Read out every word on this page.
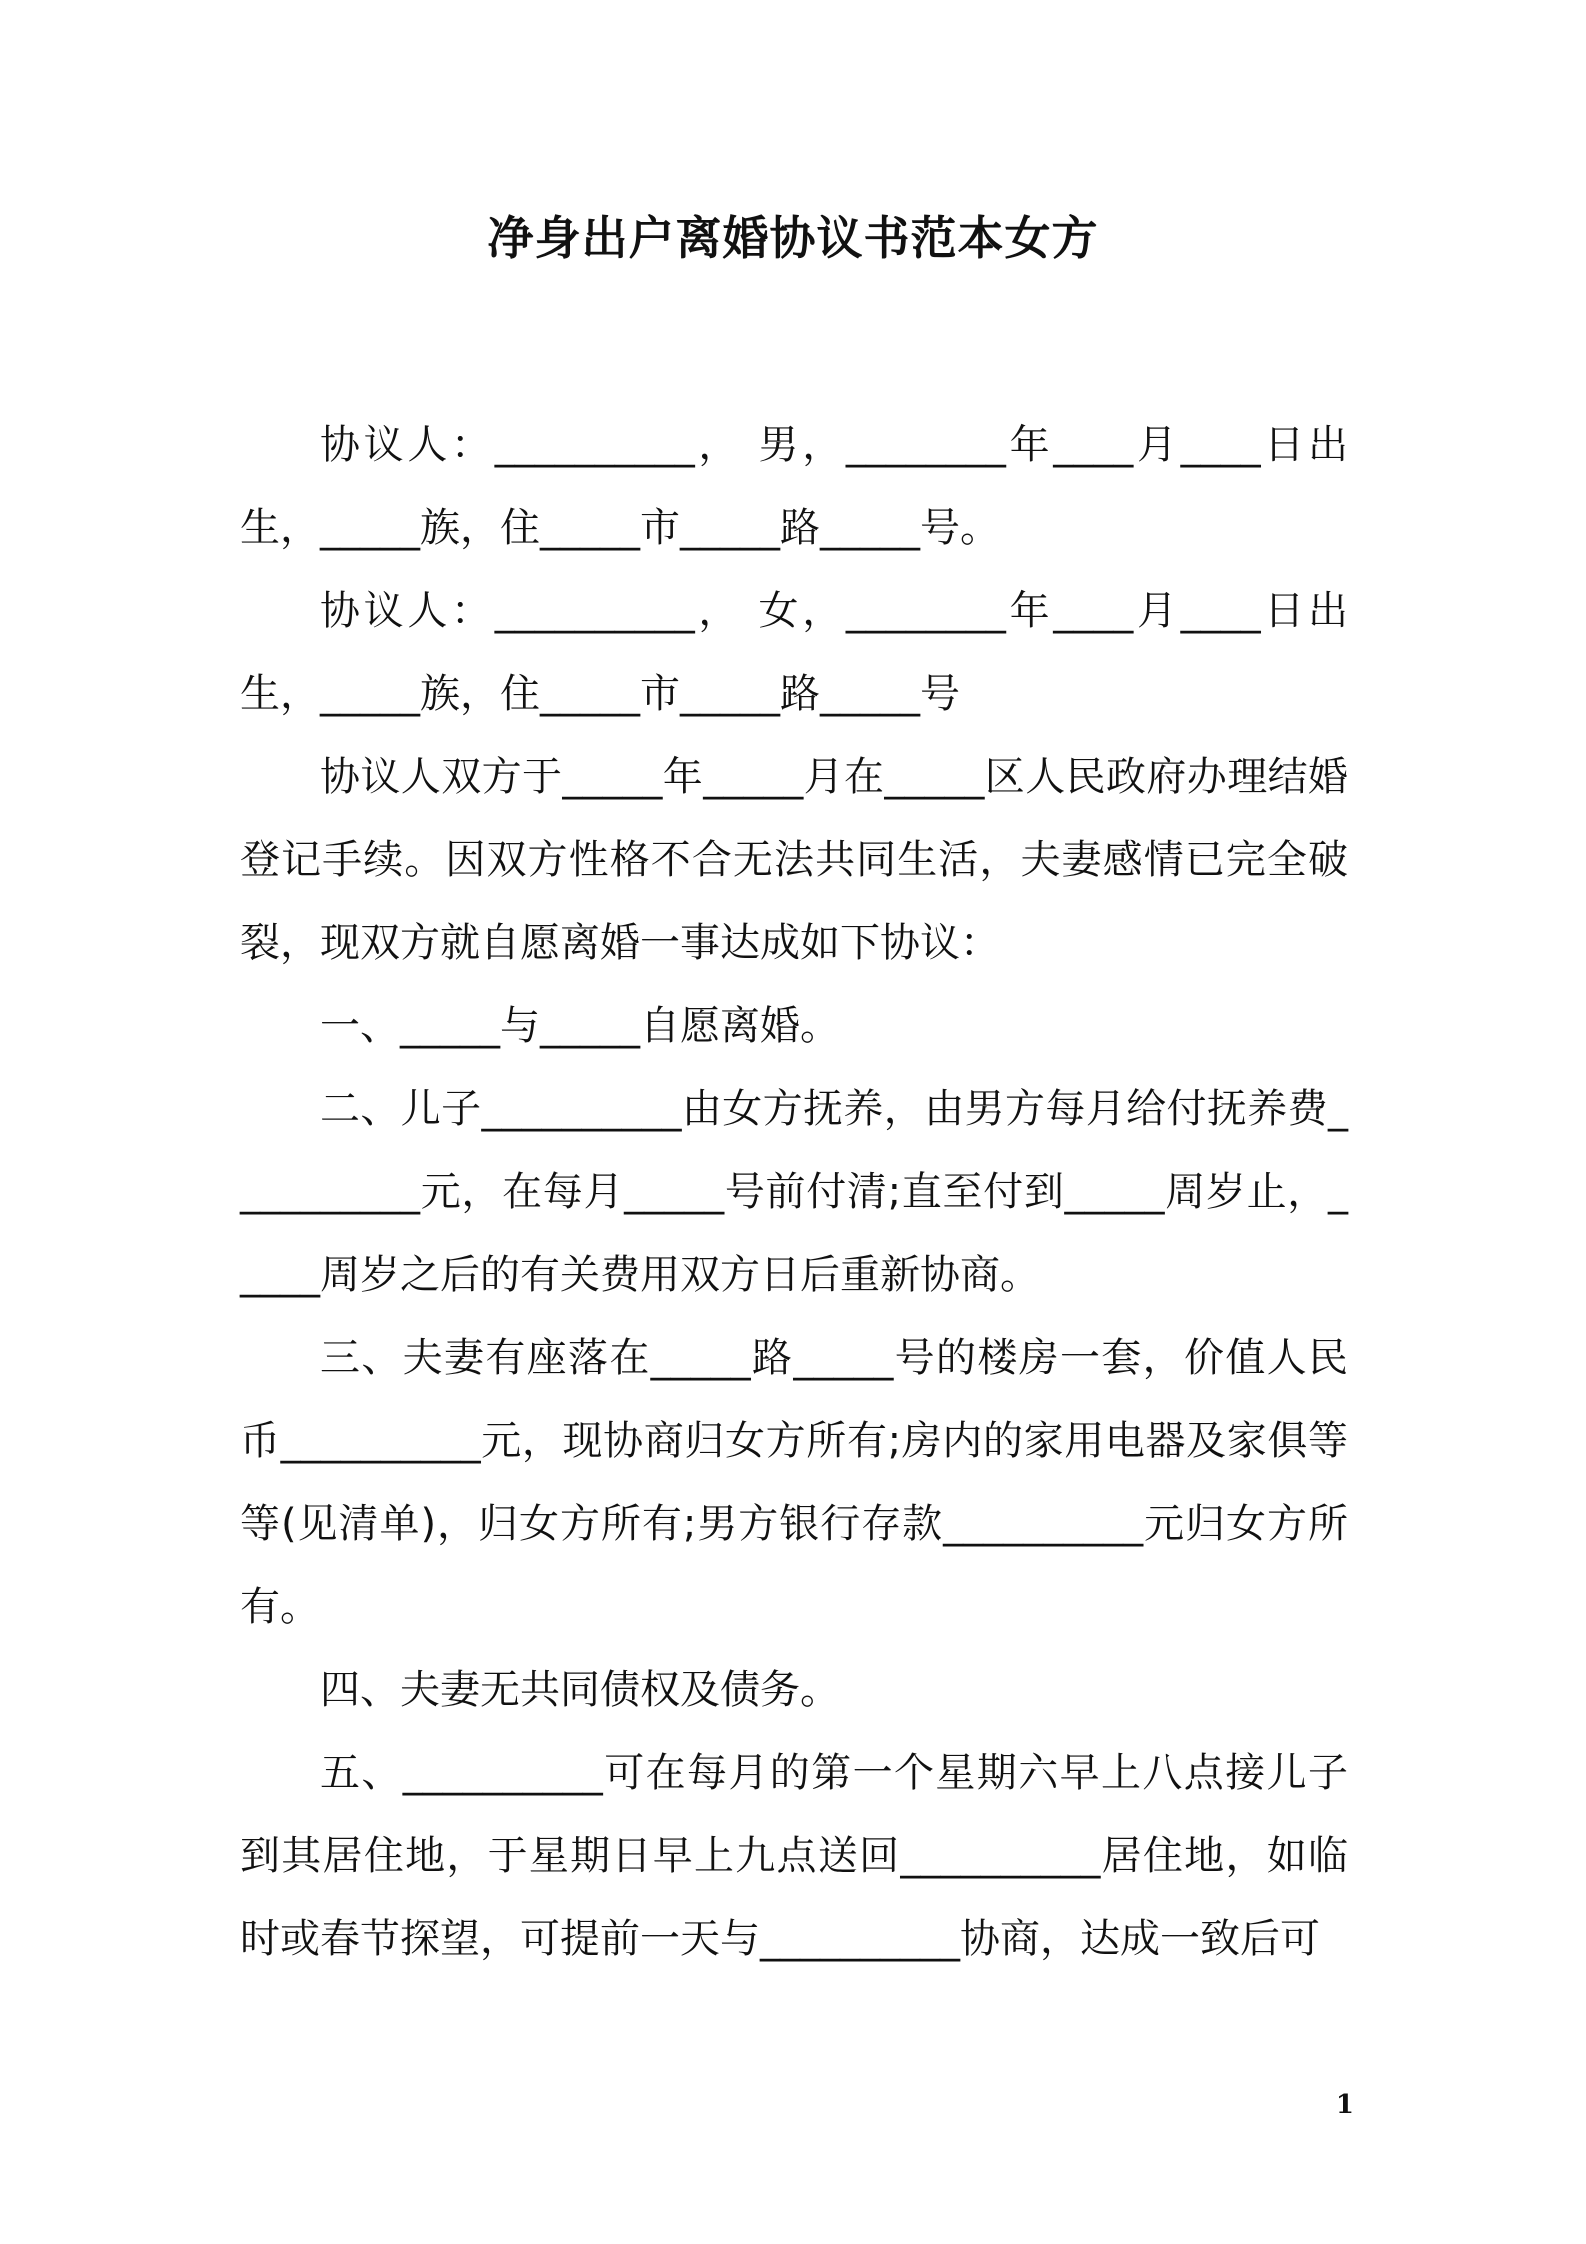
净身出户离婚协议书范本女方

协议人：__________， 男，________年____月____日出生，_____族，住_____市_____路_____号。

协议人：__________， 女，________年____月____日出生，_____族，住_____市_____路_____号

协议人双方于_____年_____月在_____区人民政府办理结婚登记手续。因双方性格不合无法共同生活，夫妻感情已完全破裂，现双方就自愿离婚一事达成如下协议：

一、_____与_____自愿离婚。

二、儿子__________由女方抚养，由男方每月给付抚养费__________元，在每月_____号前付清;直至付到_____周岁止，_____周岁之后的有关费用双方日后重新协商。

三、夫妻有座落在_____路_____号的楼房一套，价值人民币__________元，现协商归女方所有;房内的家用电器及家俱等等(见清单)，归女方所有;男方银行存款__________元归女方所有。

四、夫妻无共同债权及债务。

五、__________可在每月的第一个星期六早上八点接儿子到其居住地，于星期日早上九点送回__________居住地，如临时或春节探望，可提前一天与__________协商，达成一致后可

1
